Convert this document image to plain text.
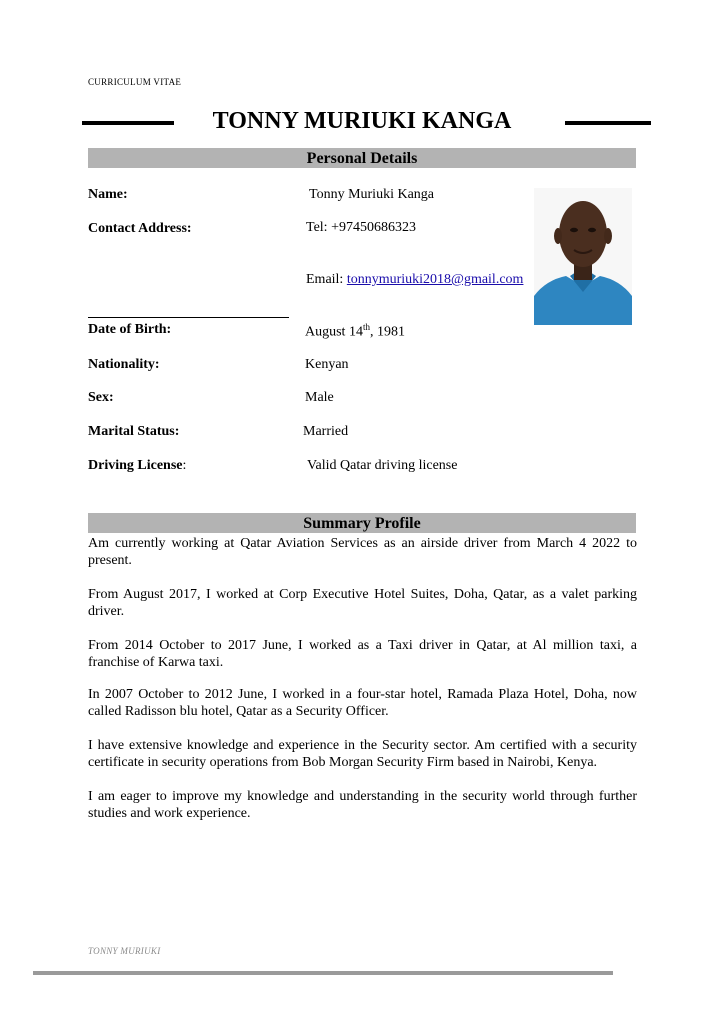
CURRICULUM VITAE
TONNY MURIUKI KANGA
Personal Details
Name:	Tonny Muriuki Kanga
Contact Address:	Tel: +97450686323
Email: tonnymuriuki2018@gmail.com
Date of Birth:	August 14th, 1981
Nationality:	Kenyan
Sex:	Male
Marital Status:	Married
Driving License:	Valid Qatar driving license
Summary Profile
Am currently working at Qatar Aviation Services as an airside driver from March 4 2022 to present.
From August 2017, I worked at Corp Executive Hotel Suites, Doha, Qatar, as a valet parking driver.
From 2014 October to 2017 June, I worked as a Taxi driver in Qatar, at Al million taxi, a franchise of Karwa taxi.
In 2007 October to 2012 June, I worked in a four-star hotel, Ramada Plaza Hotel, Doha, now called Radisson blu hotel, Qatar as a Security Officer.
I have extensive knowledge and experience in the Security sector. Am certified with a security certificate in security operations from Bob Morgan Security Firm based in Nairobi, Kenya.
I am eager to improve my knowledge and understanding in the security world through further studies and work experience.
TONNY MURIUKI
